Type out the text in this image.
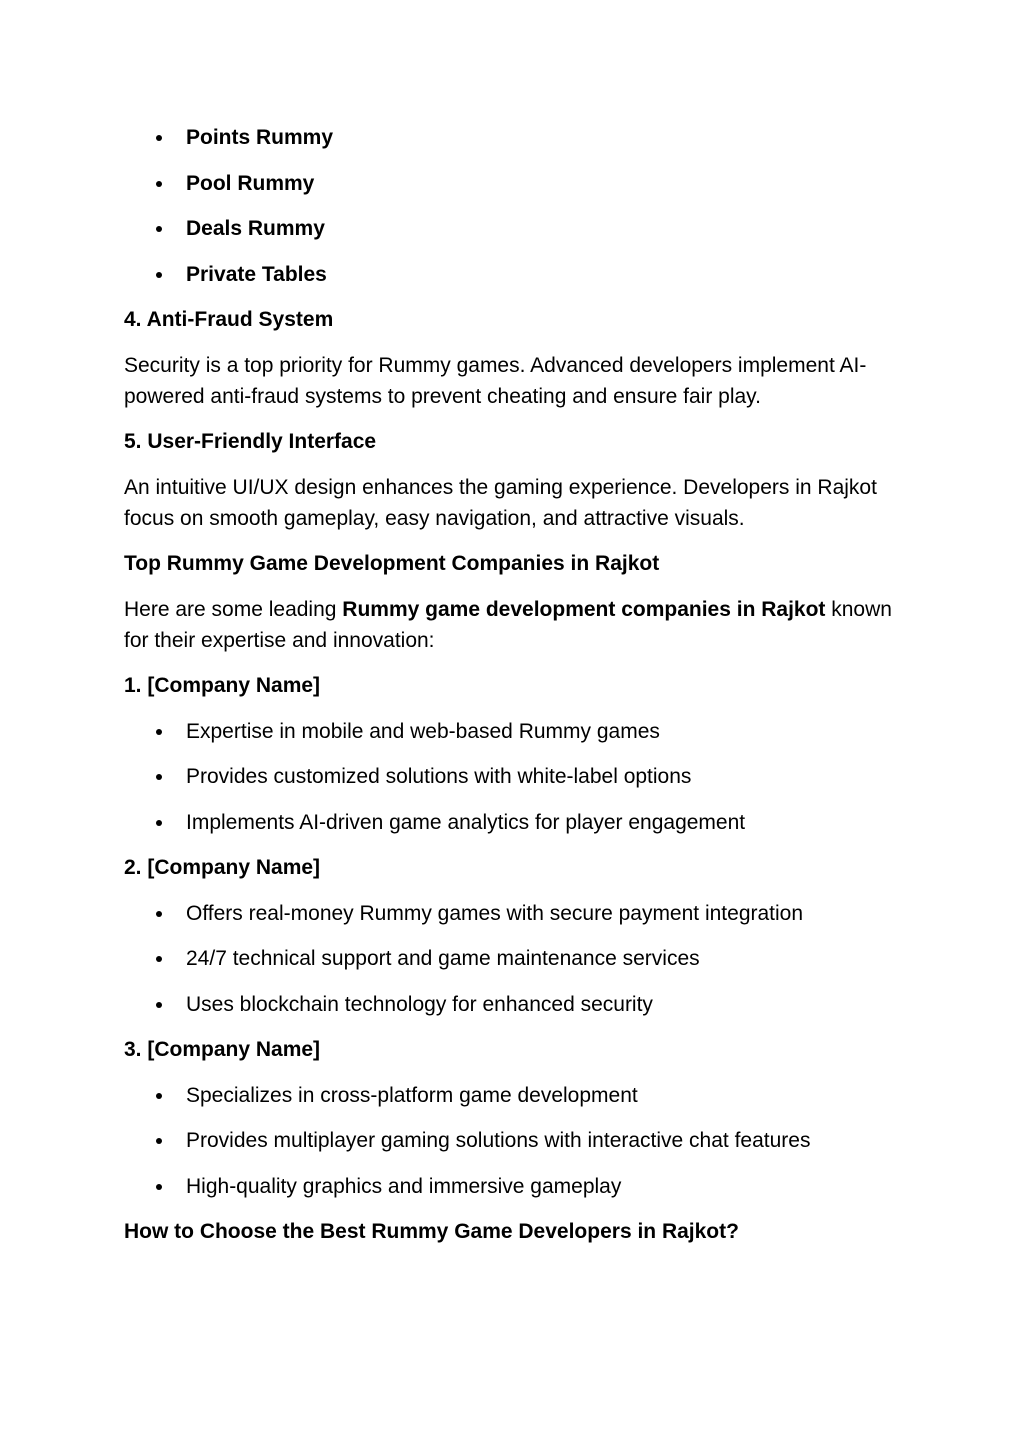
Points Rummy
Pool Rummy
Deals Rummy
Private Tables
4. Anti-Fraud System
Security is a top priority for Rummy games. Advanced developers implement AI-powered anti-fraud systems to prevent cheating and ensure fair play.
5. User-Friendly Interface
An intuitive UI/UX design enhances the gaming experience. Developers in Rajkot focus on smooth gameplay, easy navigation, and attractive visuals.
Top Rummy Game Development Companies in Rajkot
Here are some leading Rummy game development companies in Rajkot known for their expertise and innovation:
1. [Company Name]
Expertise in mobile and web-based Rummy games
Provides customized solutions with white-label options
Implements AI-driven game analytics for player engagement
2. [Company Name]
Offers real-money Rummy games with secure payment integration
24/7 technical support and game maintenance services
Uses blockchain technology for enhanced security
3. [Company Name]
Specializes in cross-platform game development
Provides multiplayer gaming solutions with interactive chat features
High-quality graphics and immersive gameplay
How to Choose the Best Rummy Game Developers in Rajkot?
